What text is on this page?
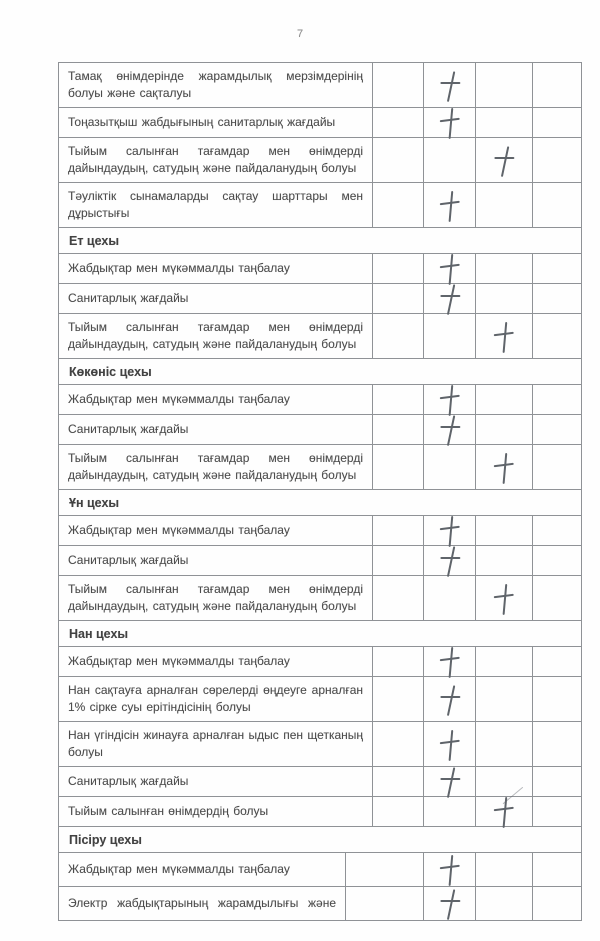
7
Тамақ өнімдерінде жарамдылық мерзімдерінің болуы және сақталуы				
Тоңазытқыш жабдығының санитарлық жағдайы				
Тыйым салынған тағамдар мен өнімдерді дайындаудың, сатудың және пайдаланудың болуы				
Тәуліктік сынамаларды сақтау шарттары мен дұрыстығы				
Ет цехы					
Жабдықтар мен мүкәммалды таңбалау				
Санитарлық жағдайы				
Тыйым салынған тағамдар мен өнімдерді дайындаудың, сатудың және пайдаланудың болуы				
Көкөніс цехы					
Жабдықтар мен мүкәммалды таңбалау				
Санитарлық жағдайы				
Тыйым салынған тағамдар мен өнімдерді дайындаудың, сатудың және пайдаланудың болуы				
Ұн цехы					
Жабдықтар мен мүкәммалды таңбалау				
Санитарлық жағдайы				
Тыйым салынған тағамдар мен өнімдерді дайындаудың, сатудың және пайдаланудың болуы				
Нан цехы					
Жабдықтар мен мүкәммалды таңбалау				
Нан сақтауға арналған сөрелерді өңдеуге арналған 1% сірке суы ерітіндісінің болуы				
Нан үгіндісін жинауға арналған ыдыс пен щетканың болуы				
Санитарлық жағдайы				
Тыйым салынған өнімдердің болуы				
Пісіру цехы					
Жабдықтар мен мүкәммалды таңбалау				
Электр жабдықтарының жарамдылығы және				
